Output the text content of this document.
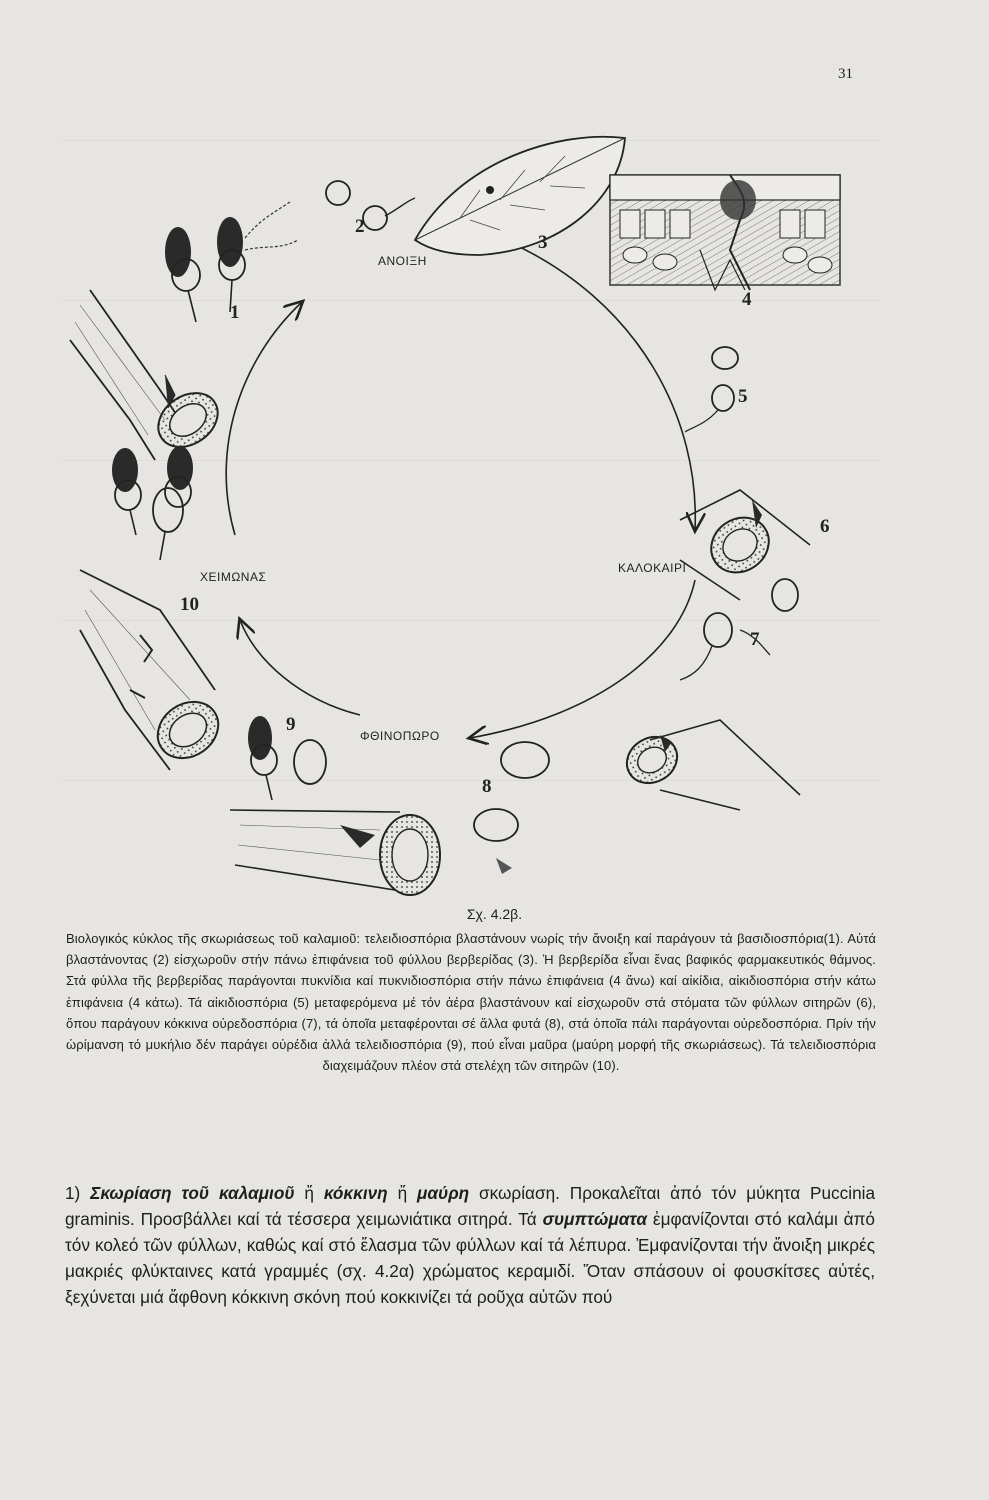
31
ΑΝΟΙΞΗ
ΚΑΛΟΚΑΙΡΙ
ΦΘΙΝΟΠΩΡΟ
ΧΕΙΜΩΝΑΣ
1
2
3
4
5
6
7
8
9
10
Σχ. 4.2β.
Βιολογικός κύκλος τῆς σκωριάσεως τοῦ καλαμιοῦ: τελειδιοσπόρια βλαστάνουν νωρίς τήν ἄνοιξη καί παράγουν τά βασιδιοσπόρια(1). Αὐτά βλαστάνοντας (2) εἰσχωροῦν στήν πάνω ἐπιφάνεια τοῦ φύλλου βερβερίδας (3). Ἡ βερβερίδα εἶναι ἕνας βαφικός φαρμακευτικός θάμνος. Στά φύλλα τῆς βερβερίδας παράγονται πυκνίδια καί πυκνιδιοσπόρια στήν πάνω ἐπιφάνεια (4 ἄνω) καί αἰκίδια, αἰκιδιοσπόρια στήν κάτω ἐπιφάνεια (4 κάτω). Τά αἰκιδιοσπόρια (5) μεταφερόμενα μέ τόν ἀέρα βλαστάνουν καί εἰσχωροῦν στά στόματα τῶν φύλλων σιτηρῶν (6), ὅπου παράγουν κόκκινα οὐρεδοσπόρια (7), τά ὁποῖα μεταφέρονται σέ ἄλλα φυτά (8), στά ὁποῖα πάλι παράγονται οὐρεδοσπόρια. Πρίν τήν ὡρίμανση τό μυκήλιο δέν παράγει οὐρέδια ἀλλά τελειδιοσπόρια (9), πού εἶναι μαῦρα (μαύρη μορφή τῆς σκωριάσεως). Τά τελειδιοσπόρια διαχειμάζουν πλέον στά στελέχη τῶν σιτηρῶν (10).
1) Σκωρίαση τοῦ καλαμιοῦ ἤ κόκκινη ἤ μαύρη σκωρίαση. Προκαλεῖται ἀπό τόν μύκητα Puccinia graminis. Προσβάλλει καί τά τέσσερα χειμωνιάτικα σιτηρά. Τά συμπτώματα ἐμφανίζονται στό καλάμι ἀπό τόν κολεό τῶν φύλλων, καθώς καί στό ἔλασμα τῶν φύλλων καί τά λέπυρα. Ἐμφανίζονται τήν ἄνοιξη μικρές μακριές φλύκταινες κατά γραμμές (σχ. 4.2α) χρώματος κεραμιδί. Ὅταν σπάσουν οἱ φουσκίτσες αὐτές, ξεχύνεται μιά ἄφθονη κόκκινη σκόνη πού κοκκινίζει τά ροῦχα αὐτῶν πού
